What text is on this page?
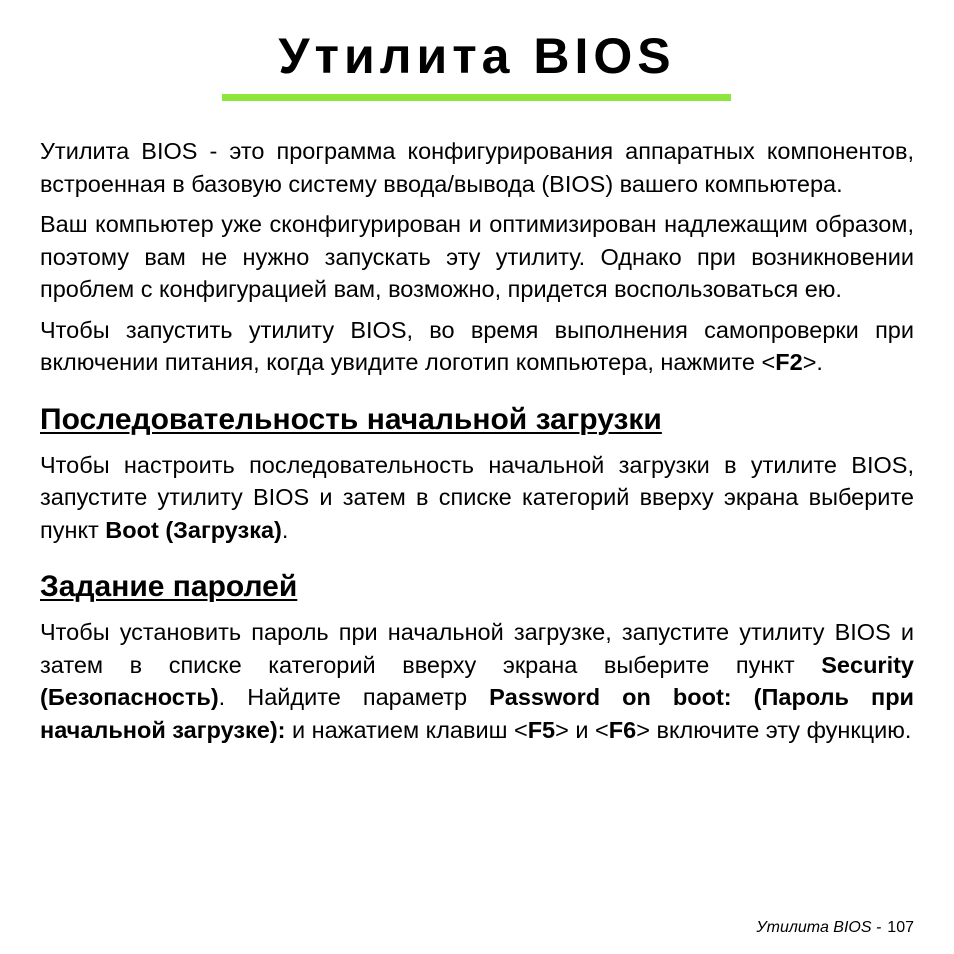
Утилита BIOS

Утилита BIOS - это программа конфигурирования аппаратных компонентов, встроенная в базовую систему ввода/вывода (BIOS) вашего компьютера.

Ваш компьютер уже сконфигурирован и оптимизирован надлежащим образом, поэтому вам не нужно запускать эту утилиту. Однако при возникновении проблем с конфигурацией вам, возможно, придется воспользоваться ею.

Чтобы запустить утилиту BIOS, во время выполнения самопроверки при включении питания, когда увидите логотип компьютера, нажмите <F2>.

Последовательность начальной загрузки

Чтобы настроить последовательность начальной загрузки в утилите BIOS, запустите утилиту BIOS и затем в списке категорий вверху экрана выберите пункт Boot (Загрузка).

Задание паролей

Чтобы установить пароль при начальной загрузке, запустите утилиту BIOS и затем в списке категорий вверху экрана выберите пункт Security (Безопасность). Найдите параметр Password on boot: (Пароль при начальной загрузке): и нажатием клавиш <F5> и <F6> включите эту функцию.

Утилита BIOS - 107
